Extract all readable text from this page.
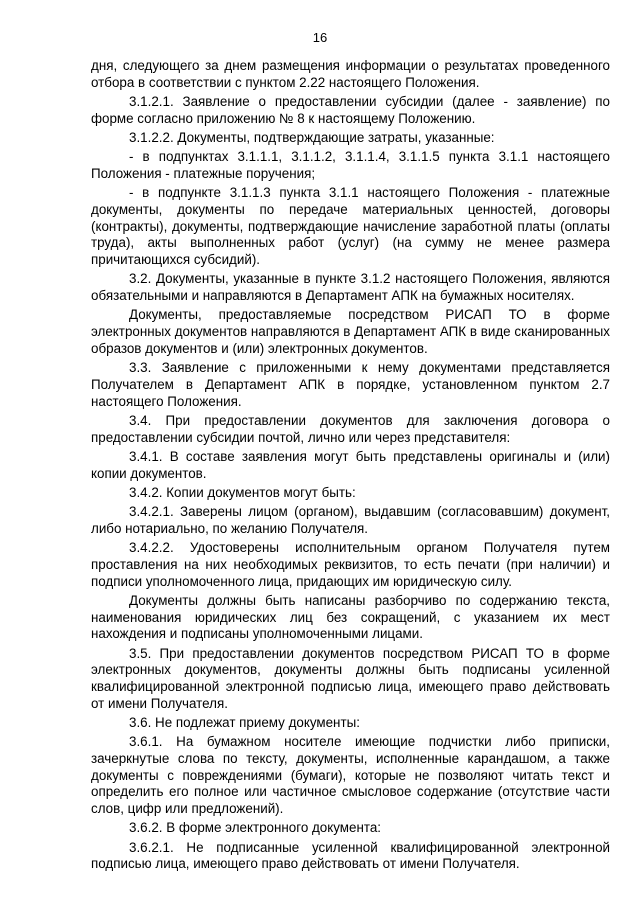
16

дня, следующего за днем размещения информации о результатах проведенного отбора в соответствии с пунктом 2.22 настоящего Положения.

3.1.2.1. Заявление о предоставлении субсидии (далее - заявление) по форме согласно приложению № 8 к настоящему Положению.

3.1.2.2. Документы, подтверждающие затраты, указанные:

- в подпунктах 3.1.1.1, 3.1.1.2, 3.1.1.4, 3.1.1.5 пункта 3.1.1 настоящего Положения - платежные поручения;

- в подпункте 3.1.1.3 пункта 3.1.1 настоящего Положения - платежные документы, документы по передаче материальных ценностей, договоры (контракты), документы, подтверждающие начисление заработной платы (оплаты труда), акты выполненных работ (услуг) (на сумму не менее размера причитающихся субсидий).

3.2. Документы, указанные в пункте 3.1.2 настоящего Положения, являются обязательными и направляются в Департамент АПК на бумажных носителях.

Документы, предоставляемые посредством РИСАП ТО в форме электронных документов направляются в Департамент АПК в виде сканированных образов документов и (или) электронных документов.

3.3. Заявление с приложенными к нему документами представляется Получателем в Департамент АПК в порядке, установленном пунктом 2.7 настоящего Положения.

3.4. При предоставлении документов для заключения договора о предоставлении субсидии почтой, лично или через представителя:

3.4.1. В составе заявления могут быть представлены оригиналы и (или) копии документов.

3.4.2. Копии документов могут быть:

3.4.2.1. Заверены лицом (органом), выдавшим (согласовавшим) документ, либо нотариально, по желанию Получателя.

3.4.2.2. Удостоверены исполнительным органом Получателя путем проставления на них необходимых реквизитов, то есть печати (при наличии) и подписи уполномоченного лица, придающих им юридическую силу.

Документы должны быть написаны разборчиво по содержанию текста, наименования юридических лиц без сокращений, с указанием их мест нахождения и подписаны уполномоченными лицами.

3.5. При предоставлении документов посредством РИСАП ТО в форме электронных документов, документы должны быть подписаны усиленной квалифицированной электронной подписью лица, имеющего право действовать от имени Получателя.

3.6. Не подлежат приему документы:

3.6.1. На бумажном носителе имеющие подчистки либо приписки, зачеркнутые слова по тексту, документы, исполненные карандашом, а также документы с повреждениями (бумаги), которые не позволяют читать текст и определить его полное или частичное смысловое содержание (отсутствие части слов, цифр или предложений).

3.6.2. В форме электронного документа:

3.6.2.1. Не подписанные усиленной квалифицированной электронной подписью лица, имеющего право действовать от имени Получателя.
